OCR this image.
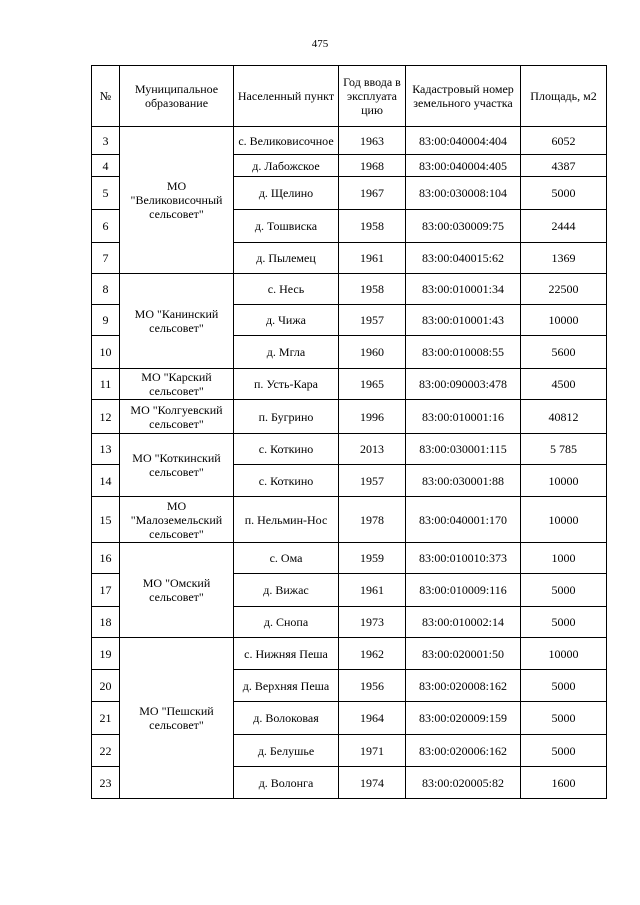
475
№	Муниципальное образование	Населенный пункт	Год ввода в эксплуата цию	Кадастровый номер земельного участка	Площадь, м2
3	МО "Великовисочный сельсовет"	с. Великовисочное	1963	83:00:040004:404	6052
4		д. Лабожское	1968	83:00:040004:405	4387
5		д. Щелино	1967	83:00:030008:104	5000
6		д. Тошвиска	1958	83:00:030009:75	2444
7		д. Пылемец	1961	83:00:040015:62	1369
8	МО "Канинский сельсовет"	с. Несь	1958	83:00:010001:34	22500
9		д. Чижа	1957	83:00:010001:43	10000
10		д. Мгла	1960	83:00:010008:55	5600
11	МО "Карский сельсовет"	п. Усть-Кара	1965	83:00:090003:478	4500
12	МО "Колгуевский сельсовет"	п. Бугрино	1996	83:00:010001:16	40812
13	МО "Коткинский сельсовет"	с. Коткино	2013	83:00:030001:115	5 785
14		с. Коткино	1957	83:00:030001:88	10000
15	МО "Малоземельский сельсовет"	п. Нельмин-Нос	1978	83:00:040001:170	10000
16	МО "Омский сельсовет"	с. Ома	1959	83:00:010010:373	1000
17		д. Вижас	1961	83:00:010009:116	5000
18		д. Снопа	1973	83:00:010002:14	5000
19	МО "Пешский сельсовет"	с. Нижняя Пеша	1962	83:00:020001:50	10000
20		д. Верхняя Пеша	1956	83:00:020008:162	5000
21		д. Волоковая	1964	83:00:020009:159	5000
22		д. Белушье	1971	83:00:020006:162	5000
23		д. Волонга	1974	83:00:020005:82	1600
